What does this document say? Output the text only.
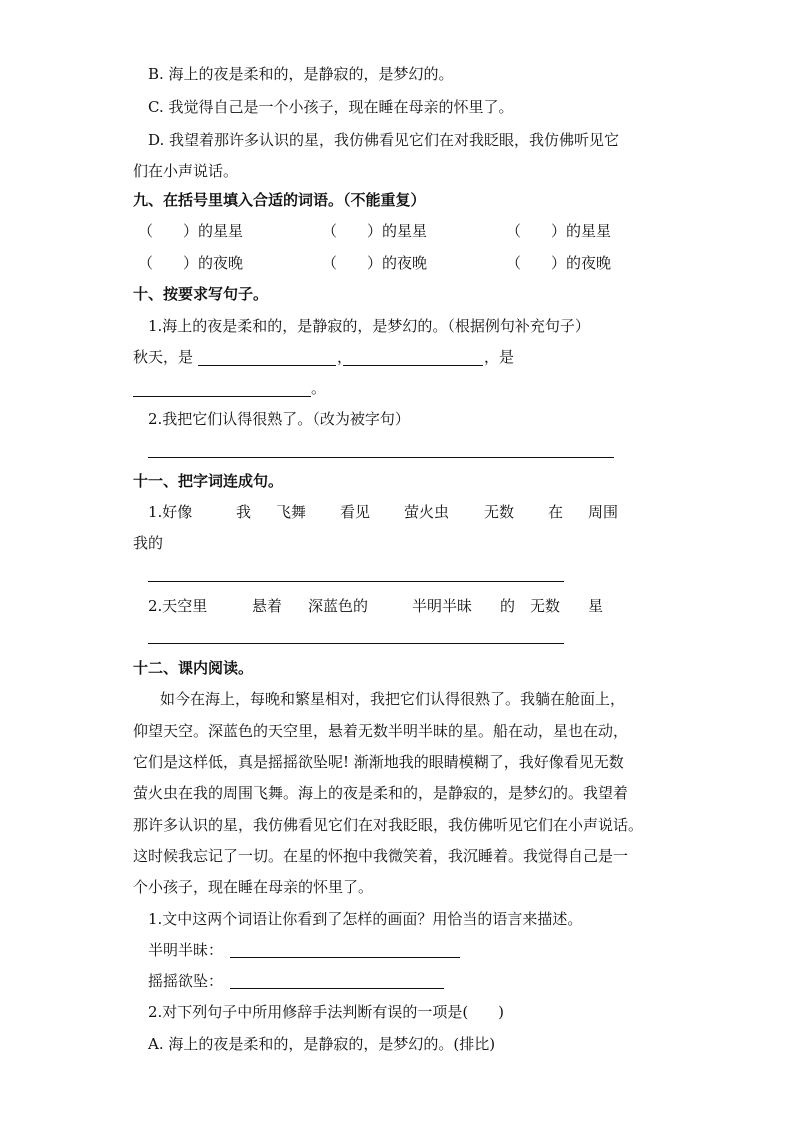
B. 海上的夜是柔和的，是静寂的，是梦幻的。
C. 我觉得自己是一个小孩子，现在睡在母亲的怀里了。
D. 我望着那许多认识的星，我仿佛看见它们在对我眨眼，我仿佛听见它
们在小声说话。
九、在括号里填入合适的词语。（不能重复）
（　　）的星星	（　　）的星星	（　　）的星星
（　　）的夜晚	（　　）的夜晚	（　　）的夜晚
十、按要求写句子。
1.海上的夜是柔和的，是静寂的，是梦幻的。（根据例句补充句子）
秋天，是	，	，是
。
2.我把它们认得很熟了。（改为被字句）
十一、把字词连成句。
1.好像	我 飞舞 看见 萤火虫 无数 在 周围
我的
2.天空里	悬着 深蓝色的	半明半昧 的 无数 星
十二、课内阅读。
如今在海上，每晚和繁星相对，我把它们认得很熟了。我躺在舱面上，
仰望天空。深蓝色的天空里，悬着无数半明半昧的星。船在动，星也在动，
它们是这样低，真是摇摇欲坠呢! 渐渐地我的眼睛模糊了，我好像看见无数
萤火虫在我的周围飞舞。海上的夜是柔和的，是静寂的，是梦幻的。我望着
那许多认识的星，我仿佛看见它们在对我眨眼，我仿佛听见它们在小声说话。
这时候我忘记了一切。在星的怀抱中我微笑着，我沉睡着。我觉得自己是一
个小孩子，现在睡在母亲的怀里了。
1.文中这两个词语让你看到了怎样的画面？用恰当的语言来描述。
半明半昧：
摇摇欲坠：
2.对下列句子中所用修辞手法判断有误的一项是(　　)
A. 海上的夜是柔和的，是静寂的，是梦幻的。(排比)
